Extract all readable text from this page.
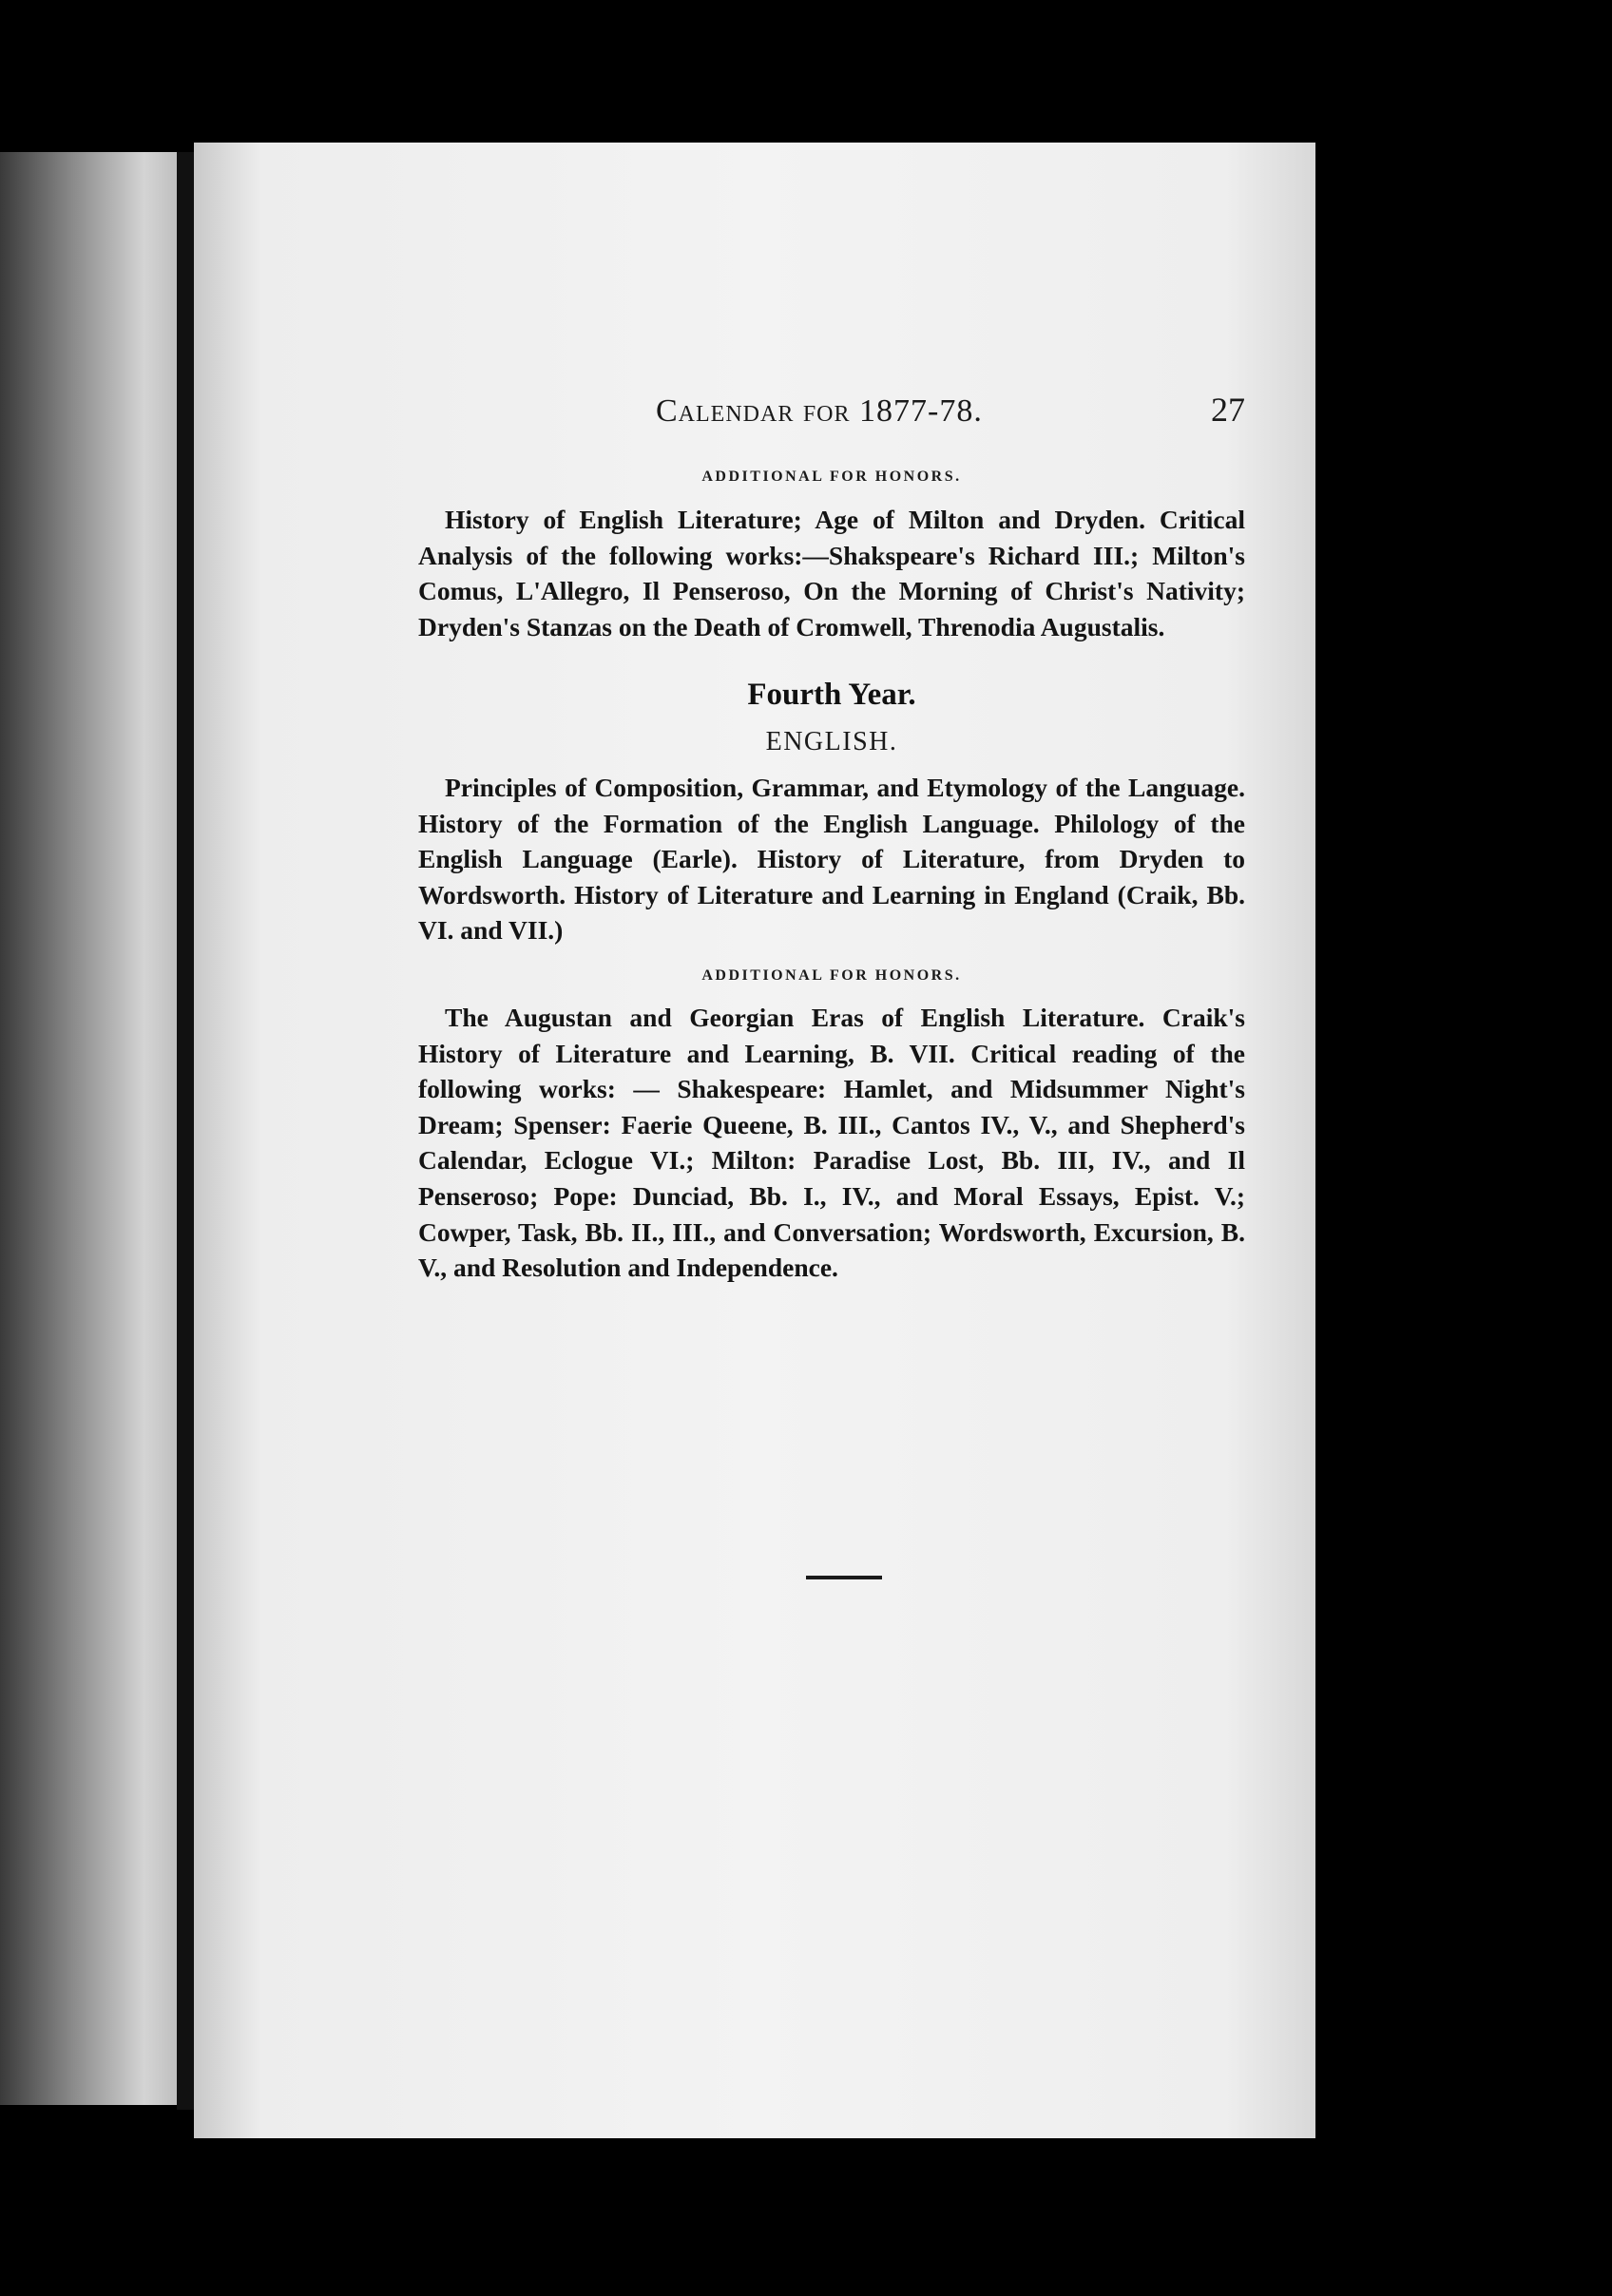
Calendar for 1877-78.	27
ADDITIONAL FOR HONORS.

History of English Literature; Age of Milton and Dryden. Critical Analysis of the following works:—Shakspeare's Richard III.; Milton's Comus, L'Allegro, Il Penseroso, On the Morning of Christ's Nativity; Dryden's Stanzas on the Death of Cromwell, Threnodia Augustalis.

Fourth Year.
ENGLISH.

Principles of Composition, Grammar, and Etymology of the Language. History of the Formation of the English Language. Philology of the English Language (Earle). History of Literature, from Dryden to Wordsworth. History of Literature and Learning in England (Craik, Bb. VI. and VII.)

ADDITIONAL FOR HONORS.

The Augustan and Georgian Eras of English Literature. Craik's History of Literature and Learning, B. VII. Critical reading of the following works: — Shakespeare: Hamlet, and Midsummer Night's Dream; Spenser: Faerie Queene, B. III., Cantos IV., V., and Shepherd's Calendar, Eclogue VI.; Milton: Paradise Lost, Bb. III, IV., and Il Penseroso; Pope: Dunciad, Bb. I., IV., and Moral Essays, Epist. V.; Cowper, Task, Bb. II., III., and Conversation; Wordsworth, Excursion, B. V., and Resolution and Independence.
